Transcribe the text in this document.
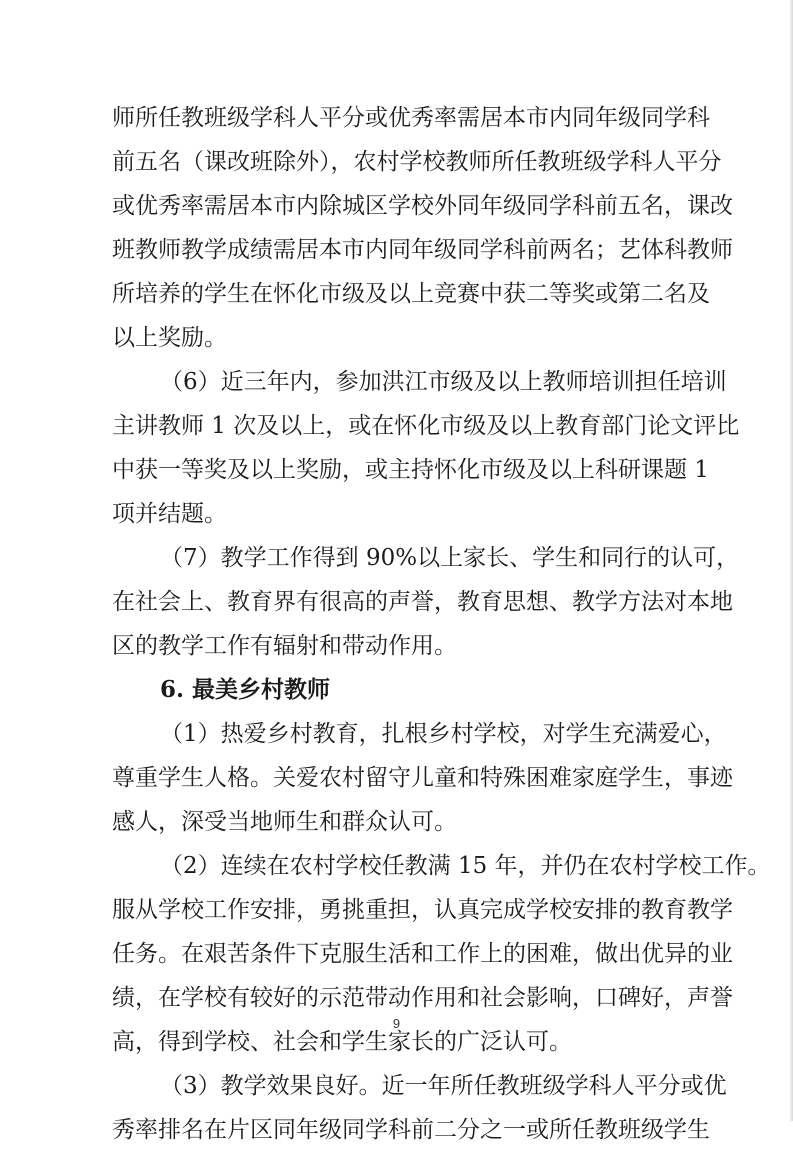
师所任教班级学科人平分或优秀率需居本市内同年级同学科
前五名（课改班除外），农村学校教师所任教班级学科人平分
或优秀率需居本市内除城区学校外同年级同学科前五名，课改
班教师教学成绩需居本市内同年级同学科前两名；艺体科教师
所培养的学生在怀化市级及以上竞赛中获二等奖或第二名及
以上奖励。
（6）近三年内，参加洪江市级及以上教师培训担任培训
主讲教师 1 次及以上，或在怀化市级及以上教育部门论文评比
中获一等奖及以上奖励，或主持怀化市级及以上科研课题 1
项并结题。
（7）教学工作得到 90%以上家长、学生和同行的认可，
在社会上、教育界有很高的声誉，教育思想、教学方法对本地
区的教学工作有辐射和带动作用。
6. 最美乡村教师
（1）热爱乡村教育，扎根乡村学校，对学生充满爱心，
尊重学生人格。关爱农村留守儿童和特殊困难家庭学生，事迹
感人，深受当地师生和群众认可。
（2）连续在农村学校任教满 15 年，并仍在农村学校工作。
服从学校工作安排，勇挑重担，认真完成学校安排的教育教学
任务。在艰苦条件下克服生活和工作上的困难，做出优异的业
绩，在学校有较好的示范带动作用和社会影响，口碑好，声誉
高，得到学校、社会和学生家长的广泛认可。
（3）教学效果良好。近一年所任教班级学科人平分或优
秀率排名在片区同年级同学科前二分之一或所任教班级学生
9
